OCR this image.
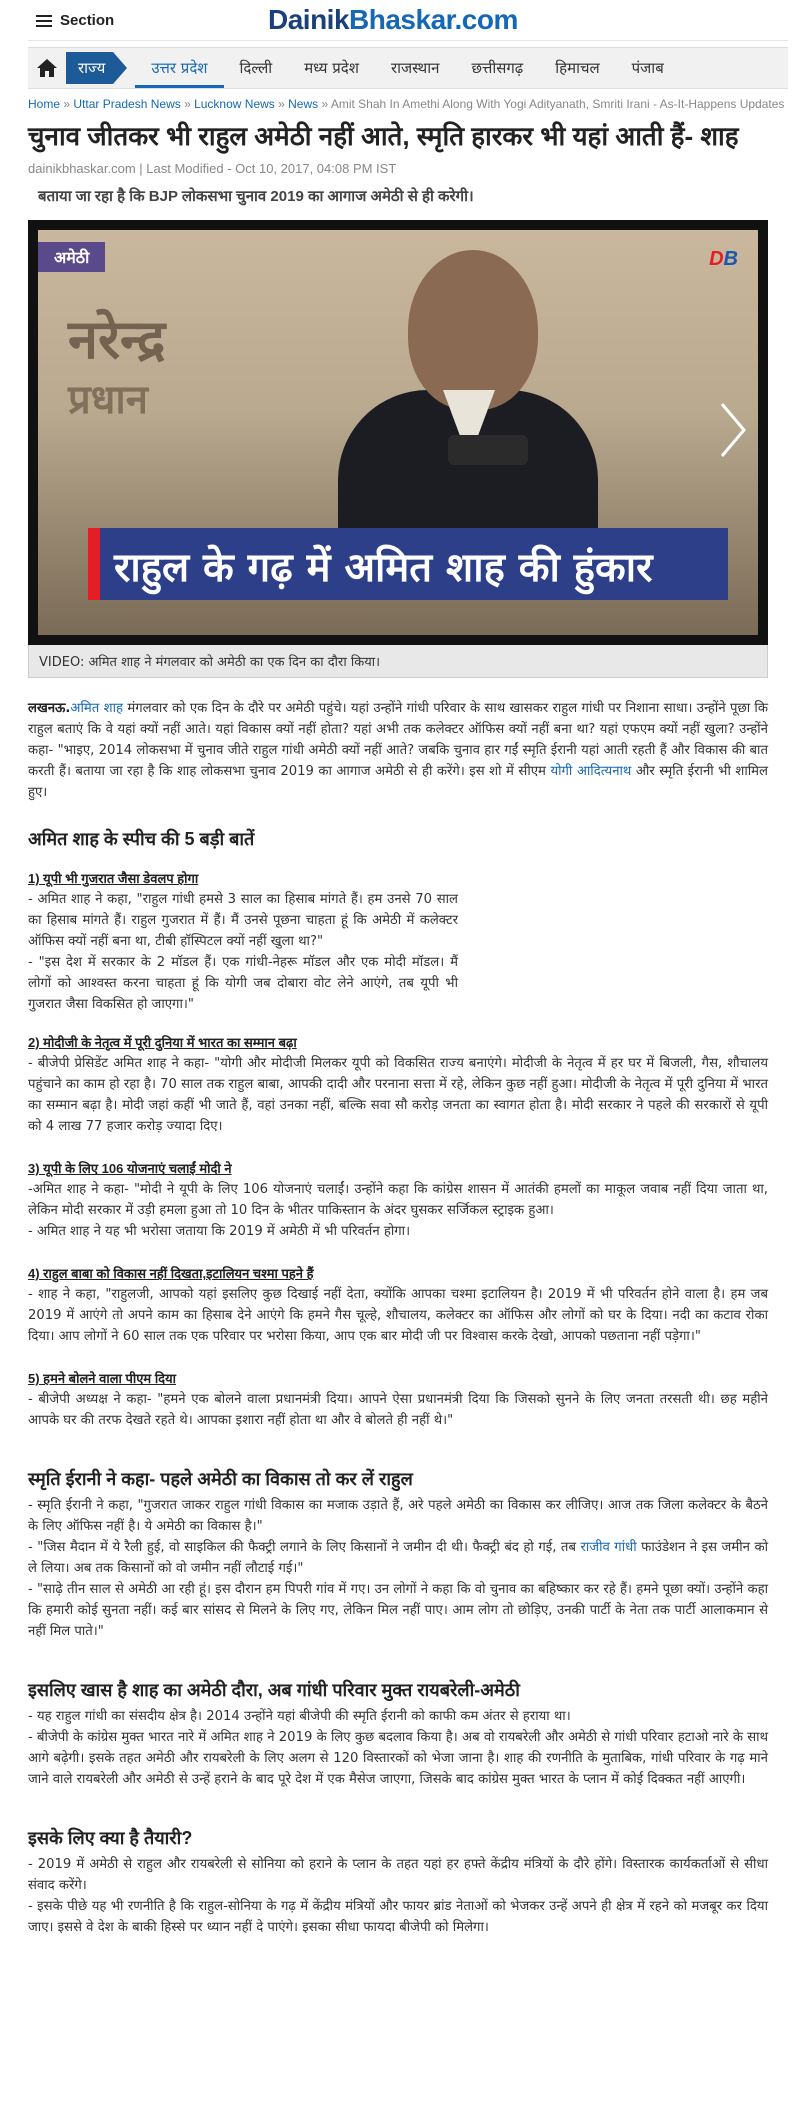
Section	DainikBhaskar.com
राज्य	उत्तर प्रदेश	दिल्ली	मध्य प्रदेश	राजस्थान	छत्तीसगढ़	हिमाचल	पंजाब
Home » Uttar Pradesh News » Lucknow News » News » Amit Shah In Amethi Along With Yogi Adityanath, Smriti Irani - As-It-Happens Updates
चुनाव जीतकर भी राहुल अमेठी नहीं आते, स्मृति हारकर भी यहां आती हैं- शाह
dainikbhaskar.com | Last Modified - Oct 10, 2017, 04:08 PM IST
बताया जा रहा है कि BJP लोकसभा चुनाव 2019 का आगाज अमेठी से ही करेगी।
नरेन्द्र
प्रधान
अमेठी	DB
राहुल के गढ़ में अमित शाह की हुंकार
VIDEO: अमित शाह ने मंगलवार को अमेठी का एक दिन का दौरा किया।
लखनऊ.अमित शाह मंगलवार को एक दिन के दौरे पर अमेठी पहुंचे। यहां उन्होंने गांधी परिवार के साथ खासकर राहुल गांधी पर निशाना साधा। उन्होंने पूछा कि राहुल बताएं कि वे यहां क्यों नहीं आते। यहां विकास क्यों नहीं होता? यहां अभी तक कलेक्टर ऑफिस क्यों नहीं बना था? यहां एफएम क्यों नहीं खुला? उन्होंने कहा- "भाइए, 2014 लोकसभा में चुनाव जीते राहुल गांधी अमेठी क्यों नहीं आते? जबकि चुनाव हार गईं स्मृति ईरानी यहां आती रहती हैं और विकास की बात करती हैं। बताया जा रहा है कि शाह लोकसभा चुनाव 2019 का आगाज अमेठी से ही करेंगे। इस शो में सीएम योगी आदित्यनाथ और स्मृति ईरानी भी शामिल हुए।
अमित शाह के स्पीच की 5 बड़ी बातें
1) यूपी भी गुजरात जैसा डेवलप होगा

- अमित शाह ने कहा, "राहुल गांधी हमसे 3 साल का हिसाब मांगते हैं। हम उनसे 70 साल का हिसाब मांगते हैं। राहुल गुजरात में हैं। मैं उनसे पूछना चाहता हूं कि अमेठी में कलेक्टर ऑफिस क्यों नहीं बना था, टीबी हॉस्पिटल क्यों नहीं खुला था?"

- "इस देश में सरकार के 2 मॉडल हैं। एक गांधी-नेहरू मॉडल और एक मोदी मॉडल। मैं लोगों को आश्वस्त करना चाहता हूं कि योगी जब दोबारा वोट लेने आएंगे, तब यूपी भी गुजरात जैसा विकसित हो जाएगा।"

2) मोदीजी के नेतृत्व में पूरी दुनिया में भारत का सम्मान बढ़ा

- बीजेपी प्रेसिडेंट अमित शाह ने कहा- "योगी और मोदीजी मिलकर यूपी को विकसित राज्य बनाएंगे। मोदीजी के नेतृत्व में हर घर में बिजली, गैस, शौचालय पहुंचाने का काम हो रहा है। 70 साल तक राहुल बाबा, आपकी दादी और परनाना सत्ता में रहे, लेकिन कुछ नहीं हुआ। मोदीजी के नेतृत्व में पूरी दुनिया में भारत का सम्मान बढ़ा है। मोदी जहां कहीं भी जाते हैं, वहां उनका नहीं, बल्कि सवा सौ करोड़ जनता का स्वागत होता है। मोदी सरकार ने पहले की सरकारों से यूपी को 4 लाख 77 हजार करोड़ ज्यादा दिए।

3) यूपी के लिए 106 योजनाएं चलाईं मोदी ने

-अमित शाह ने कहा- "मोदी ने यूपी के लिए 106 योजनाएं चलाईं। उन्होंने कहा कि कांग्रेस शासन में आतंकी हमलों का माकूल जवाब नहीं दिया जाता था, लेकिन मोदी सरकार में उड़ी हमला हुआ तो 10 दिन के भीतर पाकिस्तान के अंदर घुसकर सर्जिकल स्ट्राइक हुआ।

- अमित शाह ने यह भी भरोसा जताया कि 2019 में अमेठी में भी परिवर्तन होगा।

4) राहुल बाबा को विकास नहीं दिखता,इटालियन चश्मा पहने हैं

- शाह ने कहा, "राहुलजी, आपको यहां इसलिए कुछ दिखाई नहीं देता, क्योंकि आपका चश्मा इटालियन है। 2019 में भी परिवर्तन होने वाला है। हम जब 2019 में आएंगे तो अपने काम का हिसाब देने आएंगे कि हमने गैस चूल्हे, शौचालय, कलेक्टर का ऑफिस और लोगों को घर के दिया। नदी का कटाव रोका दिया। आप लोगों ने 60 साल तक एक परिवार पर भरोसा किया, आप एक बार मोदी जी पर विश्वास करके देखो, आपको पछताना नहीं पड़ेगा।"

5) हमने बोलने वाला पीएम दिया

- बीजेपी अध्यक्ष ने कहा- "हमने एक बोलने वाला प्रधानमंत्री दिया। आपने ऐसा प्रधानमंत्री दिया कि जिसको सुनने के लिए जनता तरसती थी। छह महीने आपके घर की तरफ देखते रहते थे। आपका इशारा नहीं होता था और वे बोलते ही नहीं थे।"

स्मृति ईरानी ने कहा- पहले अमेठी का विकास तो कर लें राहुल

- स्मृति ईरानी ने कहा, "गुजरात जाकर राहुल गांधी विकास का मजाक उड़ाते हैं, अरे पहले अमेठी का विकास कर लीजिए। आज तक जिला कलेक्टर के बैठने के लिए ऑफिस नहीं है। ये अमेठी का विकास है।"

- "जिस मैदान में ये रैली हुई, वो साइकिल की फैक्ट्री लगाने के लिए किसानों ने जमीन दी थी। फैक्ट्री बंद हो गई, तब राजीव गांधी फाउंडेशन ने इस जमीन को ले लिया। अब तक किसानों को वो जमीन नहीं लौटाई गई।"

- "साढ़े तीन साल से अमेठी आ रही हूं। इस दौरान हम पिपरी गांव में गए। उन लोगों ने कहा कि वो चुनाव का बहिष्कार कर रहे हैं। हमने पूछा क्यों। उन्होंने कहा कि हमारी कोई सुनता नहीं। कई बार सांसद से मिलने के लिए गए, लेकिन मिल नहीं पाए। आम लोग तो छोड़िए, उनकी पार्टी के नेता तक पार्टी आलाकमान से नहीं मिल पाते।"

इसलिए खास है शाह का अमेठी दौरा, अब गांधी परिवार मुक्त रायबरेली-अमेठी

- यह राहुल गांधी का संसदीय क्षेत्र है। 2014 उन्होंने यहां बीजेपी की स्मृति ईरानी को काफी कम अंतर से हराया था।

- बीजेपी के कांग्रेस मुक्त भारत नारे में अमित शाह ने 2019 के लिए कुछ बदलाव किया है। अब वो रायबरेली और अमेठी से गांधी परिवार हटाओ नारे के साथ आगे बढ़ेगी। इसके तहत अमेठी और रायबरेली के लिए अलग से 120 विस्तारकों को भेजा जाना है। शाह की रणनीति के मुताबिक, गांधी परिवार के गढ़ माने जाने वाले रायबरेली और अमेठी से उन्हें हराने के बाद पूरे देश में एक मैसेज जाएगा, जिसके बाद कांग्रेस मुक्त भारत के प्लान में कोई दिक्कत नहीं आएगी।

इसके लिए क्या है तैयारी?

- 2019 में अमेठी से राहुल और रायबरेली से सोनिया को हराने के प्लान के तहत यहां हर हफ्ते केंद्रीय मंत्रियों के दौरे होंगे। विस्तारक कार्यकर्ताओं से सीधा संवाद करेंगे।

- इसके पीछे यह भी रणनीति है कि राहुल-सोनिया के गढ़ में केंद्रीय मंत्रियों और फायर ब्रांड नेताओं को भेजकर उन्हें अपने ही क्षेत्र में रहने को मजबूर कर दिया जाए। इससे वे देश के बाकी हिस्से पर ध्यान नहीं दे पाएंगे। इसका सीधा फायदा बीजेपी को मिलेगा।
